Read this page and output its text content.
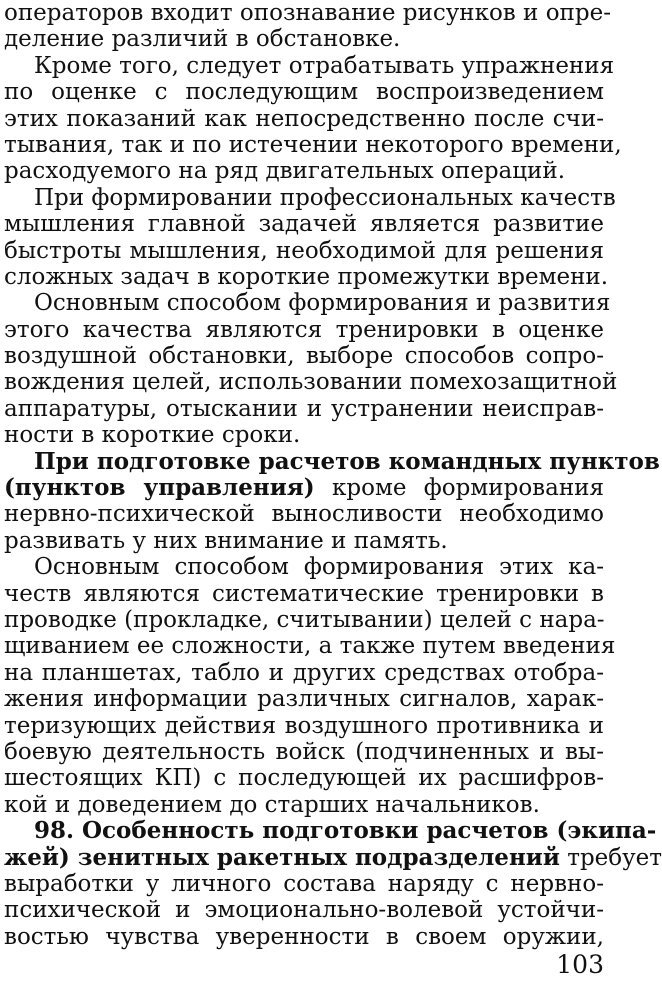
операторов входит опознавание рисунков и опре-
деление различий в обстановке.
Кроме того, следует отрабатывать упражнения
по оценке с последующим воспроизведением
этих показаний как непосредственно после счи-
тывания, так и по истечении некоторого времени,
расходуемого на ряд двигательных операций.
При формировании профессиональных качеств
мышления главной задачей является развитие
быстроты мышления, необходимой для решения
сложных задач в короткие промежутки времени.
Основным способом формирования и развития
этого качества являются тренировки в оценке
воздушной обстановки, выборе способов сопро-
вождения целей, использовании помехозащитной
аппаратуры, отыскании и устранении неиспрaв-
ности в короткие сроки.
При подготовке расчетов командных пунктов
(пунктов управления) кроме формирования
нервно-психической выносливости необходимо
развивать у них внимание и память.
Основным способом формирования этих ка-
честв являются систематические тренировки в
проводке (прокладке, считывании) целей с нара-
щиванием ее сложности, а также путем введения
на планшетах, табло и других средствах отобра-
жения информации различных сигналов, харак-
теризующих действия воздушного противника и
боевую деятельность войск (подчиненных и вы-
шестоящих КП) с последующей их расшифров-
кой и доведением до старших начальников.
98. Особенность подготовки расчетов (экипа-
жей) зенитных ракетных подразделений требует
выработки у личного состава наряду с нервно-
психической и эмоционально-волевой устойчи-
востью чувства уверенности в своем оружии,
103
